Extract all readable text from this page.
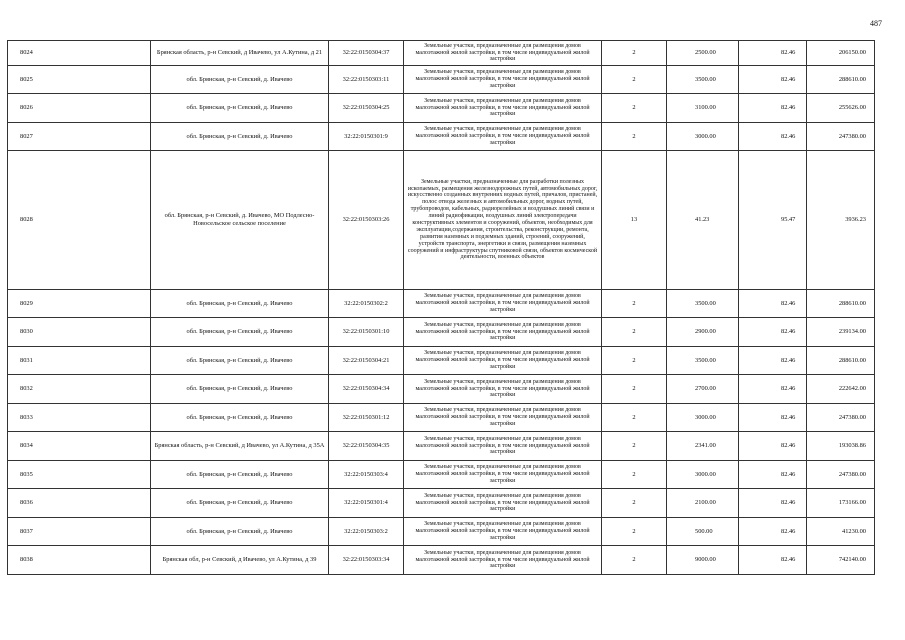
487
8024	Брянская область, р-н Севский, д Ивачево, ул А.Кутина, д 21	32:22:0150304:37	Земельные участки, предназначенные для размещения домов малоэтажной жилой застройки, в том числе индивидуальной жилой застройки	2	2500.00	82.46	206150.00
8025	обл. Брянская, р-н Севский, д. Ивачево	32:22:0150303:11	Земельные участки, предназначенные для размещения домов малоэтажной жилой застройки, в том числе индивидуальной жилой застройки	2	3500.00	82.46	288610.00
8026	обл. Брянская, р-н Севский, д. Ивачево	32:22:0150304:25	Земельные участки, предназначенные для размещения домов малоэтажной жилой застройки, в том числе индивидуальной жилой застройки	2	3100.00	82.46	255626.00
8027	обл. Брянская, р-н Севский, д. Ивачево	32:22:0150301:9	Земельные участки, предназначенные для размещения домов малоэтажной жилой застройки, в том числе индивидуальной жилой застройки	2	3000.00	82.46	247380.00
8028	обл. Брянская, р-н Севский, д. Ивачево, МО Подлесно-Новосельское сельское поселение	32:22:0150303:26	Земельные участки, предназначенные для разработки полезных ископаемых, размещения железнодорожных путей, автомобильных дорог, искусственно созданных внутренних водных путей, причалов, пристаней, полос отвода железных и автомобильных дорог, водных путей, трубопроводов, кабельных, радиорелейных и воздушных линий связи и линий радиофикации, воздушных линий электропередачи конструктивных элементов и сооружений, объектов, необходимых для эксплуатации,содержания, строительства, реконструкции, ремонта, развития наземных и подземных зданий, строений, сооружений, устройств транспорта, энергетики и связи, размещения наземных сооружений и инфраструктуры спутниковой связи, объектов космической деятельности, военных объектов	13	41.23	95.47	3936.23
8029	обл. Брянская, р-н Севский, д. Ивачево	32:22:0150302:2	Земельные участки, предназначенные для размещения домов малоэтажной жилой застройки, в том числе индивидуальной жилой застройки	2	3500.00	82.46	288610.00
8030	обл. Брянская, р-н Севский, д. Ивачево	32:22:0150301:10	Земельные участки, предназначенные для размещения домов малоэтажной жилой застройки, в том числе индивидуальной жилой застройки	2	2900.00	82.46	239134.00
8031	обл. Брянская, р-н Севский, д. Ивачево	32:22:0150304:21	Земельные участки, предназначенные для размещения домов малоэтажной жилой застройки, в том числе индивидуальной жилой застройки	2	3500.00	82.46	288610.00
8032	обл. Брянская, р-н Севский, д. Ивачево	32:22:0150304:34	Земельные участки, предназначенные для размещения домов малоэтажной жилой застройки, в том числе индивидуальной жилой застройки	2	2700.00	82.46	222642.00
8033	обл. Брянская, р-н Севский, д. Ивачево	32:22:0150301:12	Земельные участки, предназначенные для размещения домов малоэтажной жилой застройки, в том числе индивидуальной жилой застройки	2	3000.00	82.46	247380.00
8034	Брянская область, р-н Севский, д Ивачево, ул А.Кутина, д 35А	32:22:0150304:35	Земельные участки, предназначенные для размещения домов малоэтажной жилой застройки, в том числе индивидуальной жилой застройки	2	2341.00	82.46	193038.86
8035	обл. Брянская, р-н Севский, д. Ивачево	32:22:0150303:4	Земельные участки, предназначенные для размещения домов малоэтажной жилой застройки, в том числе индивидуальной жилой застройки	2	3000.00	82.46	247380.00
8036	обл. Брянская, р-н Севский, д. Ивачево	32:22:0150301:4	Земельные участки, предназначенные для размещения домов малоэтажной жилой застройки, в том числе индивидуальной жилой застройки	2	2100.00	82.46	173166.00
8037	обл. Брянская, р-н Севский, д. Ивачево	32:22:0150303:2	Земельные участки, предназначенные для размещения домов малоэтажной жилой застройки, в том числе индивидуальной жилой застройки	2	500.00	82.46	41230.00
8038	Брянская обл, р-н Севский, д Ивачево, ул А.Кутина, д 39	32:22:0150303:34	Земельные участки, предназначенные для размещения домов малоэтажной жилой застройки, в том числе индивидуальной жилой застройки	2	9000.00	82.46	742140.00
